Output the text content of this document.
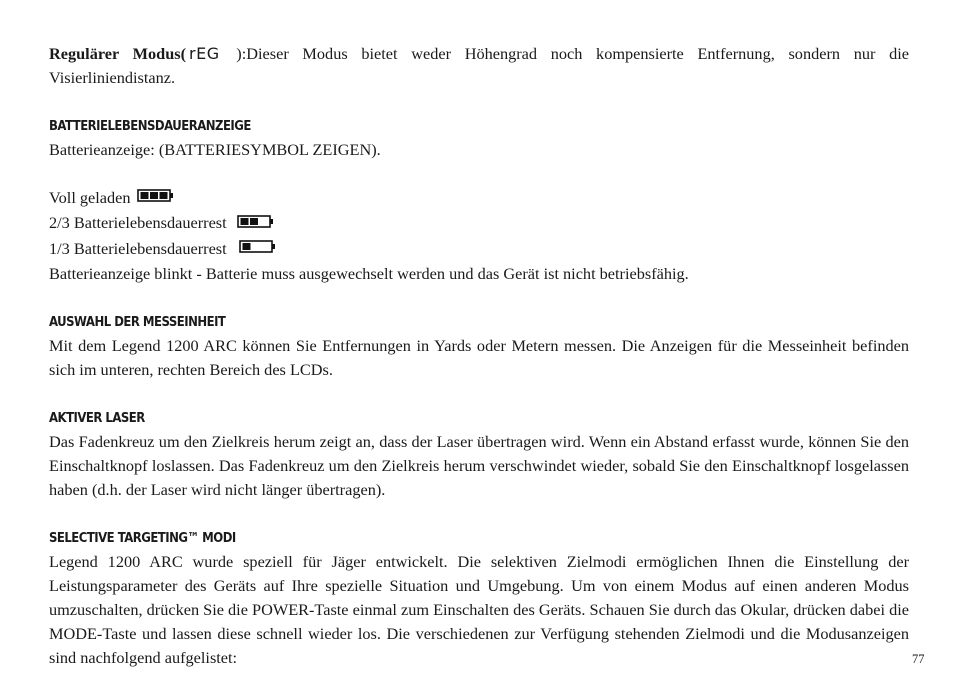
Regulärer Modus( rEG ):Dieser Modus bietet weder Höhengrad noch kompensierte Entfernung, sondern nur die Visierliniendistanz.

BATTERIELEBENSDAUERANZEIGE

Batterieanzeige: (BATTERIESYMBOL ZEIGEN).

Voll geladen

2/3 Batterielebensdauerrest

1/3 Batterielebensdauerrest

Batterieanzeige blinkt - Batterie muss ausgewechselt werden und das Gerät ist nicht betriebsfähig.

AUSWAHL DER MESSEINHEIT

Mit dem Legend 1200 ARC können Sie Entfernungen in Yards oder Metern messen. Die Anzeigen für die Messeinheit befinden sich im unteren, rechten Bereich des LCDs.

AKTIVER LASER

Das Fadenkreuz um den Zielkreis herum zeigt an, dass der Laser übertragen wird. Wenn ein Abstand erfasst wurde, können Sie den Einschaltknopf loslassen. Das Fadenkreuz um den Zielkreis herum verschwindet wieder, sobald Sie den Einschaltknopf losgelassen haben (d.h. der Laser wird nicht länger übertragen).

SELECTIVE TARGETING™ MODI

Legend 1200 ARC wurde speziell für Jäger entwickelt. Die selektiven Zielmodi ermöglichen Ihnen die Einstellung der Leistungsparameter des Geräts auf Ihre spezielle Situation und Umgebung. Um von einem Modus auf einen anderen Modus umzuschalten, drücken Sie die POWER-Taste einmal zum Einschalten des Geräts. Schauen Sie durch das Okular, drücken dabei die MODE-Taste und lassen diese schnell wieder los. Die verschiedenen zur Verfügung stehenden Zielmodi und die Modusanzeigen sind nachfolgend aufgelistet:	77
